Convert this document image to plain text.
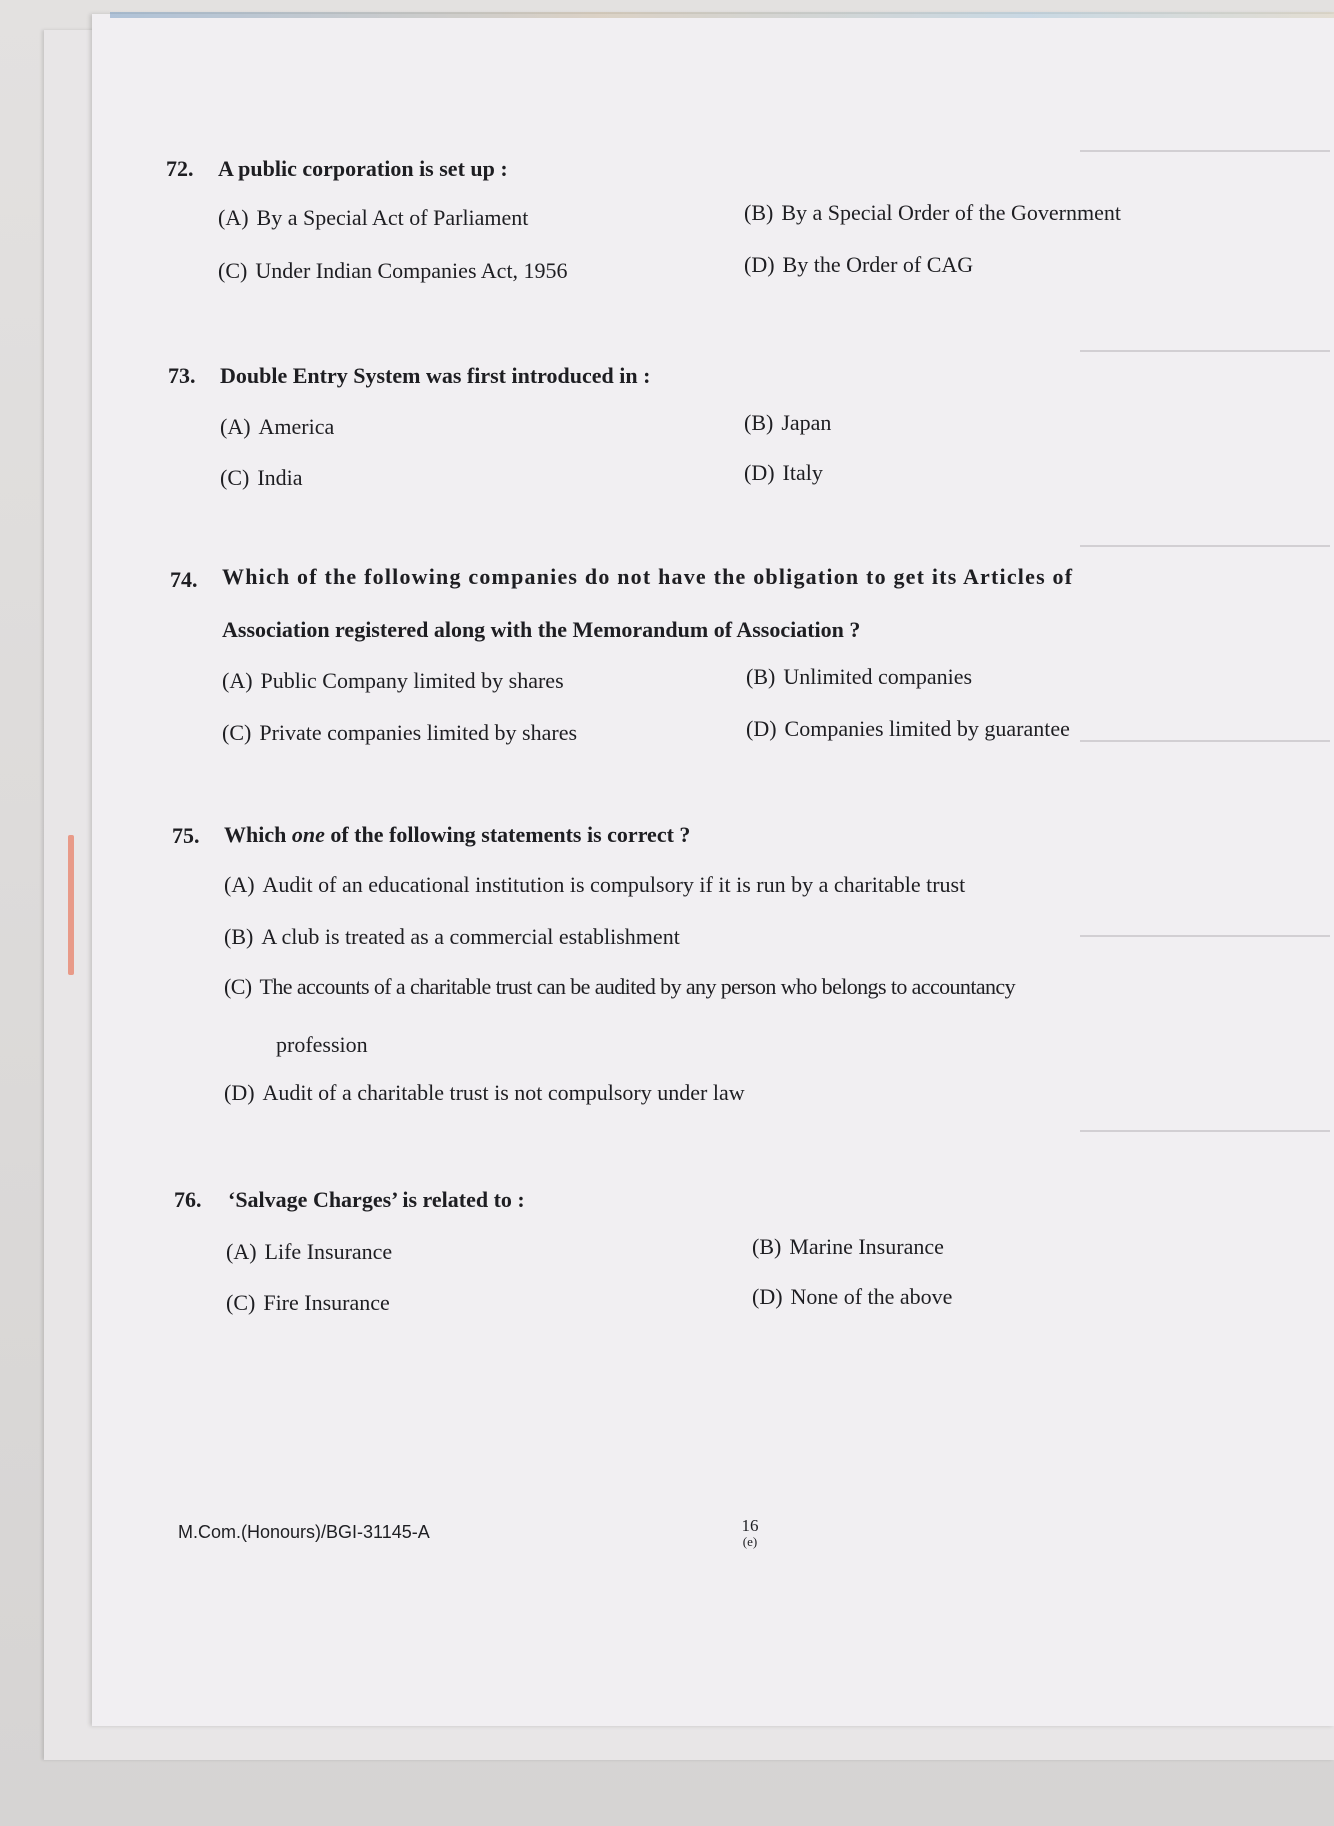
72. A public corporation is set up :
(A) By a Special Act of Parliament	(B) By a Special Order of the Government
(C) Under Indian Companies Act, 1956	(D) By the Order of CAG
73. Double Entry System was first introduced in :
(A) America	(B) Japan
(C) India	(D) Italy
74. Which of the following companies do not have the obligation to get its Articles of
Association registered along with the Memorandum of Association ?
(A) Public Company limited by shares	(B) Unlimited companies
(C) Private companies limited by shares	(D) Companies limited by guarantee
75. Which one of the following statements is correct ?
(A) Audit of an educational institution is compulsory if it is run by a charitable trust
(B) A club is treated as a commercial establishment
(C) The accounts of a charitable trust can be audited by any person who belongs to accountancy
profession
(D) Audit of a charitable trust is not compulsory under law
76. ‘Salvage Charges’ is related to :
(A) Life Insurance	(B) Marine Insurance
(C) Fire Insurance	(D) None of the above
M.Com.(Honours)/BGI-31145-A	16
(e)
